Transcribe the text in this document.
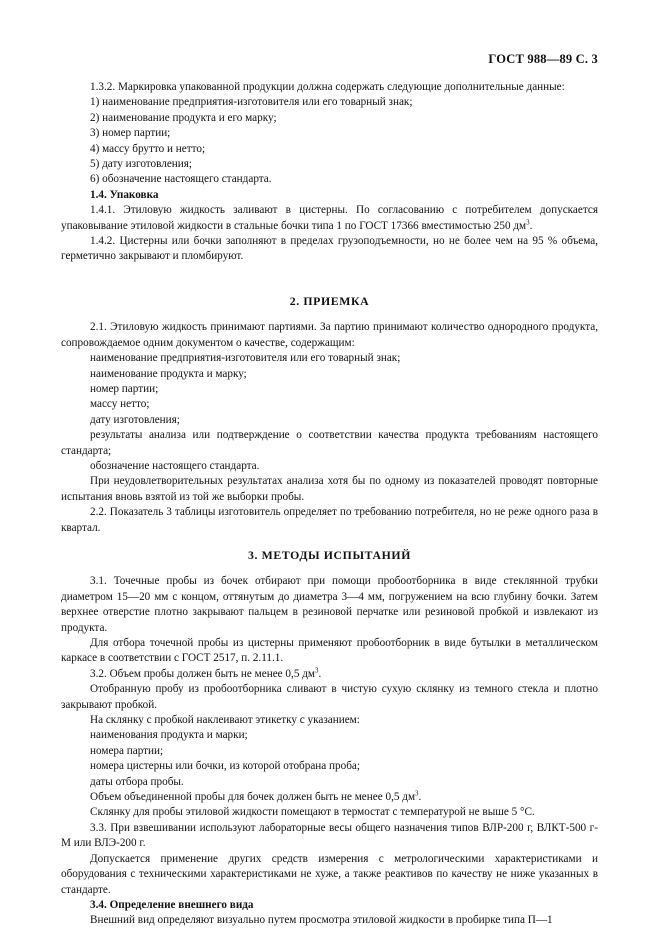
ГОСТ 988—89 С. 3

1.3.2. Маркировка упакованной продукции должна содержать следующие дополнительные данные:

1) наименование предприятия-изготовителя или его товарный знак;

2) наименование продукта и его марку;

3) номер партии;

4) массу брутто и нетто;

5) дату изготовления;

6) обозначение настоящего стандарта.

1.4. Упаковка

1.4.1. Этиловую жидкость заливают в цистерны. По согласованию с потребителем допускается упаковывание этиловой жидкости в стальные бочки типа 1 по ГОСТ 17366 вместимостью 250 $дм^3$.

1.4.2. Цистерны или бочки заполняют в пределах грузоподъемности, но не более чем на 95 % объема, герметично закрывают и пломбируют.

2. ПРИЕМКА

2.1. Этиловую жидкость принимают партиями. За партию принимают количество однородного продукта, сопровождаемое одним документом о качестве, содержащим:

наименование предприятия-изготовителя или его товарный знак;

наименование продукта и марку;

номер партии;

массу нетто;

дату изготовления;

результаты анализа или подтверждение о соответствии качества продукта требованиям настоящего стандарта;

обозначение настоящего стандарта.

При неудовлетворительных результатах анализа хотя бы по одному из показателей проводят повторные испытания вновь взятой из той же выборки пробы.

2.2. Показатель 3 таблицы изготовитель определяет по требованию потребителя, но не реже одного раза в квартал.

3. МЕТОДЫ ИСПЫТАНИЙ

3.1. Точечные пробы из бочек отбирают при помощи пробоотборника в виде стеклянной трубки диаметром 15—20 мм с концом, оттянутым до диаметра 3—4 мм, погружением на всю глубину бочки. Затем верхнее отверстие плотно закрывают пальцем в резиновой перчатке или резиновой пробкой и извлекают из продукта.

Для отбора точечной пробы из цистерны применяют пробоотборник в виде бутылки в металлическом каркасе в соответствии с ГОСТ 2517, п. 2.11.1.

3.2. Объем пробы должен быть не менее 0,5 $дм^3$.

Отобранную пробу из пробоотборника сливают в чистую сухую склянку из темного стекла и плотно закрывают пробкой.

На склянку с пробкой наклеивают этикетку с указанием:

наименования продукта и марки;

номера партии;

номера цистерны или бочки, из которой отобрана проба;

даты отбора пробы.

Объем объединенной пробы для бочек должен быть не менее 0,5 $дм^3$.

Склянку для пробы этиловой жидкости помещают в термостат с температурой не выше 5 °С.

3.3. При взвешивании используют лабораторные весы общего назначения типов ВЛР-200 г, ВЛКТ-500 г-М или ВЛЭ-200 г.

Допускается применение других средств измерения с метрологическими характеристиками и оборудования с техническими характеристиками не хуже, а также реактивов по качеству не ниже указанных в стандарте.

3.4. Определение внешнего вида

Внешний вид определяют визуально путем просмотра этиловой жидкости в пробирке типа П—1
